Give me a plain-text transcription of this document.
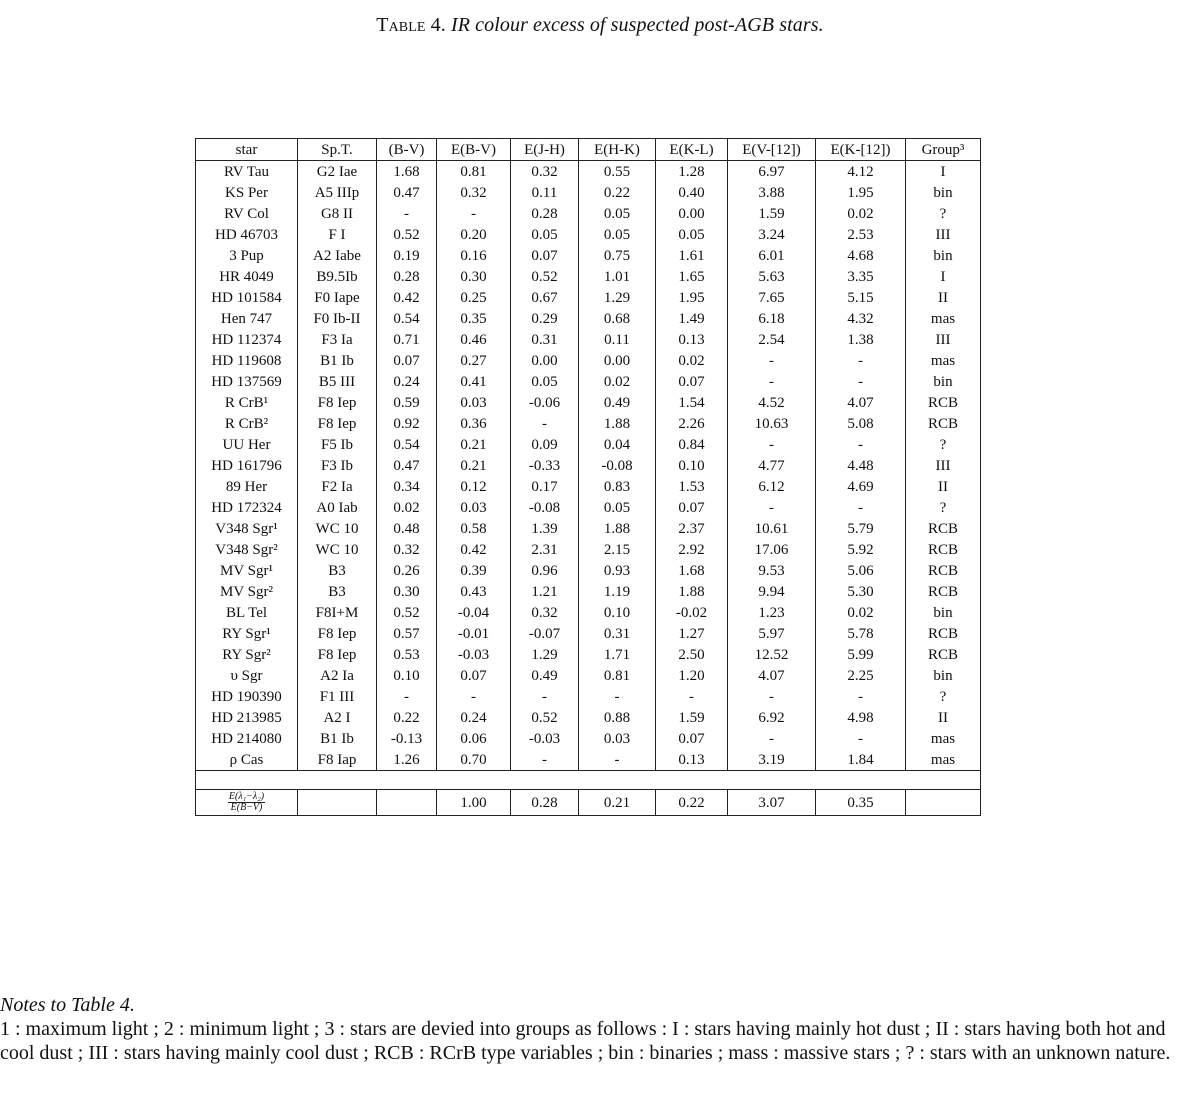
Table 4. IR colour excess of suspected post-AGB stars.
star	Sp.T.	(B-V)	E(B-V)	E(J-H)	E(H-K)	E(K-L)	E(V-[12])	E(K-[12])	Group³
RV Tau	G2 Iae	1.68	0.81	0.32	0.55	1.28	6.97	4.12	I
KS Per	A5 IIIp	0.47	0.32	0.11	0.22	0.40	3.88	1.95	bin
RV Col	G8 II	-	-	0.28	0.05	0.00	1.59	0.02	?
HD 46703	F I	0.52	0.20	0.05	0.05	0.05	3.24	2.53	III
3 Pup	A2 Iabe	0.19	0.16	0.07	0.75	1.61	6.01	4.68	bin
HR 4049	B9.5Ib	0.28	0.30	0.52	1.01	1.65	5.63	3.35	I
HD 101584	F0 Iape	0.42	0.25	0.67	1.29	1.95	7.65	5.15	II
Hen 747	F0 Ib-II	0.54	0.35	0.29	0.68	1.49	6.18	4.32	mas
HD 112374	F3 Ia	0.71	0.46	0.31	0.11	0.13	2.54	1.38	III
HD 119608	B1 Ib	0.07	0.27	0.00	0.00	0.02	-	-	mas
HD 137569	B5 III	0.24	0.41	0.05	0.02	0.07	-	-	bin
R CrB¹	F8 Iep	0.59	0.03	-0.06	0.49	1.54	4.52	4.07	RCB
R CrB²	F8 Iep	0.92	0.36	-	1.88	2.26	10.63	5.08	RCB
UU Her	F5 Ib	0.54	0.21	0.09	0.04	0.84	-	-	?
HD 161796	F3 Ib	0.47	0.21	-0.33	-0.08	0.10	4.77	4.48	III
89 Her	F2 Ia	0.34	0.12	0.17	0.83	1.53	6.12	4.69	II
HD 172324	A0 Iab	0.02	0.03	-0.08	0.05	0.07	-	-	?
V348 Sgr¹	WC 10	0.48	0.58	1.39	1.88	2.37	10.61	5.79	RCB
V348 Sgr²	WC 10	0.32	0.42	2.31	2.15	2.92	17.06	5.92	RCB
MV Sgr¹	B3	0.26	0.39	0.96	0.93	1.68	9.53	5.06	RCB
MV Sgr²	B3	0.30	0.43	1.21	1.19	1.88	9.94	5.30	RCB
BL Tel	F8I+M	0.52	-0.04	0.32	0.10	-0.02	1.23	0.02	bin
RY Sgr¹	F8 Iep	0.57	-0.01	-0.07	0.31	1.27	5.97	5.78	RCB
RY Sgr²	F8 Iep	0.53	-0.03	1.29	1.71	2.50	12.52	5.99	RCB
υ Sgr	A2 Ia	0.10	0.07	0.49	0.81	1.20	4.07	2.25	bin
HD 190390	F1 III	-	-	-	-	-	-	-	?
HD 213985	A2 I	0.22	0.24	0.52	0.88	1.59	6.92	4.98	II
HD 214080	B1 Ib	-0.13	0.06	-0.03	0.03	0.07	-	-	mas
ρ Cas	F8 Iap	1.26	0.70	-	-	0.13	3.19	1.84	mas

$\frac{\text{E(λ₁−λ₂)}}{E(B-V)}$			1.00	0.28	0.21	0.22	3.07	0.35	
Notes to Table 4.
1 : maximum light ; 2 : minimum light ; 3 : stars are devied into groups as follows : I : stars having mainly hot dust ; II : stars having both hot and cool dust ; III : stars having mainly cool dust ; RCB : RCrB type variables ; bin : binaries ; mass : massive stars ; ? : stars with an unknown nature.
